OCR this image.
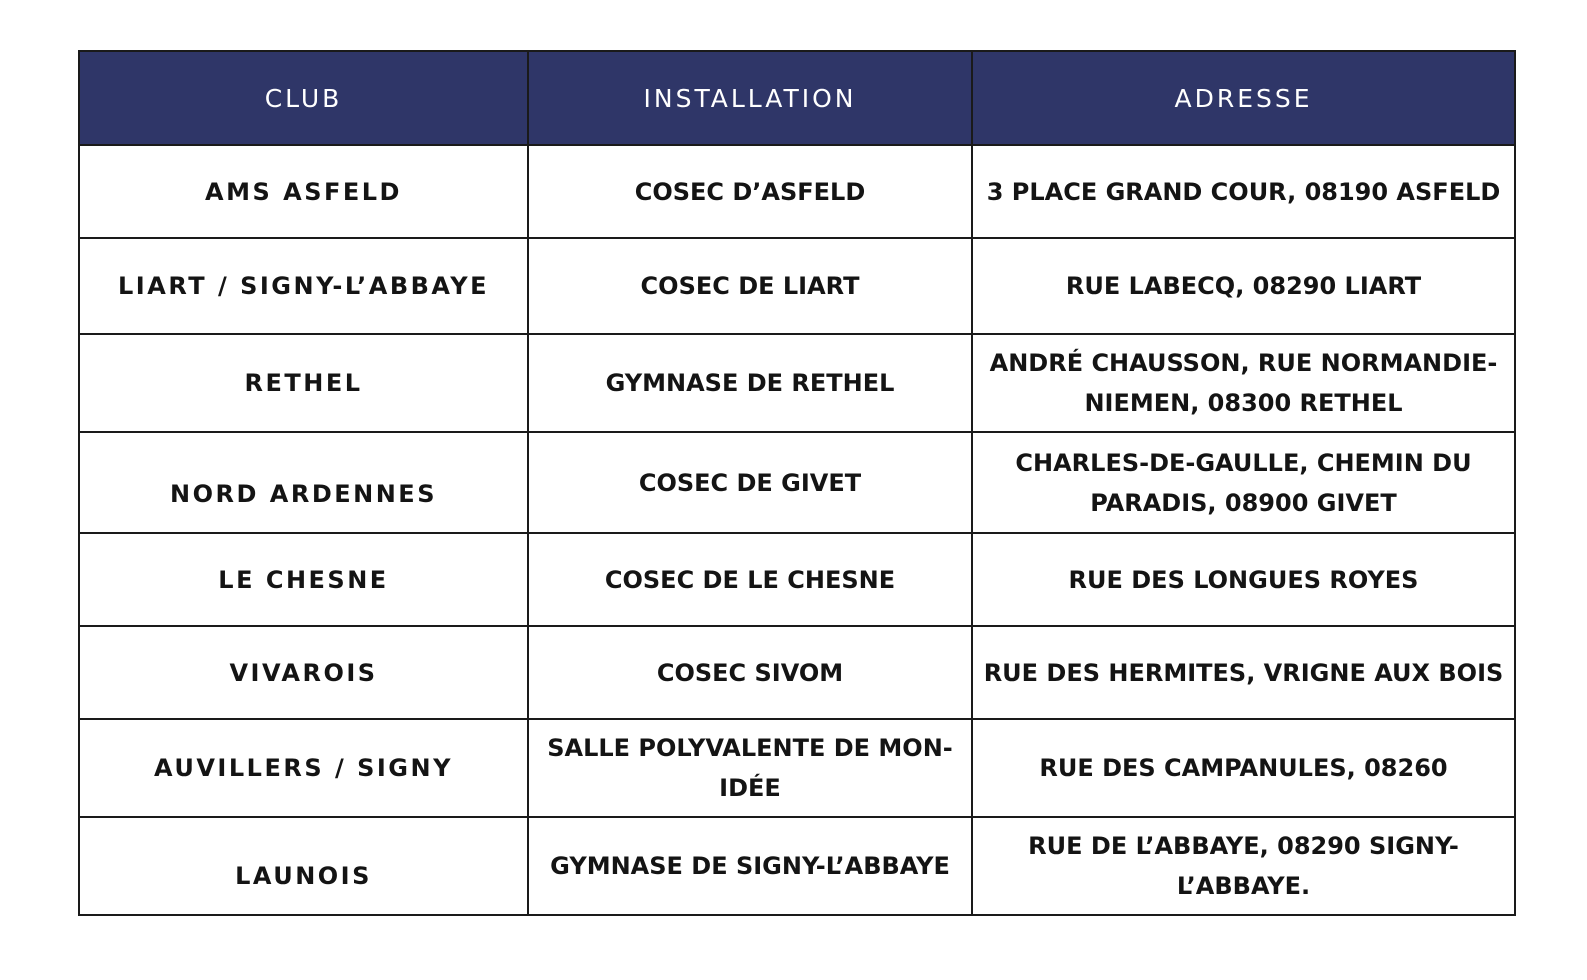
CLUB	INSTALLATION	ADRESSE
AMS ASFELD	COSEC D’ASFELD	3 PLACE GRAND COUR, 08190 ASFELD
LIART / SIGNY-L’ABBAYE	COSEC DE LIART	RUE LABECQ, 08290 LIART
RETHEL	GYMNASE DE RETHEL	ANDRÉ CHAUSSON, RUE NORMANDIE-NIEMEN, 08300 RETHEL
NORD ARDENNES	COSEC DE GIVET	CHARLES-DE-GAULLE, CHEMIN DU PARADIS, 08900 GIVET
LE CHESNE	COSEC DE LE CHESNE	RUE DES LONGUES ROYES
VIVAROIS	COSEC SIVOM	RUE DES HERMITES, VRIGNE AUX BOIS
AUVILLERS / SIGNY	SALLE POLYVALENTE DE MON-IDÉE	RUE DES CAMPANULES, 08260
LAUNOIS	GYMNASE DE SIGNY-L’ABBAYE	RUE DE L’ABBAYE, 08290 SIGNY-L’ABBAYE.
